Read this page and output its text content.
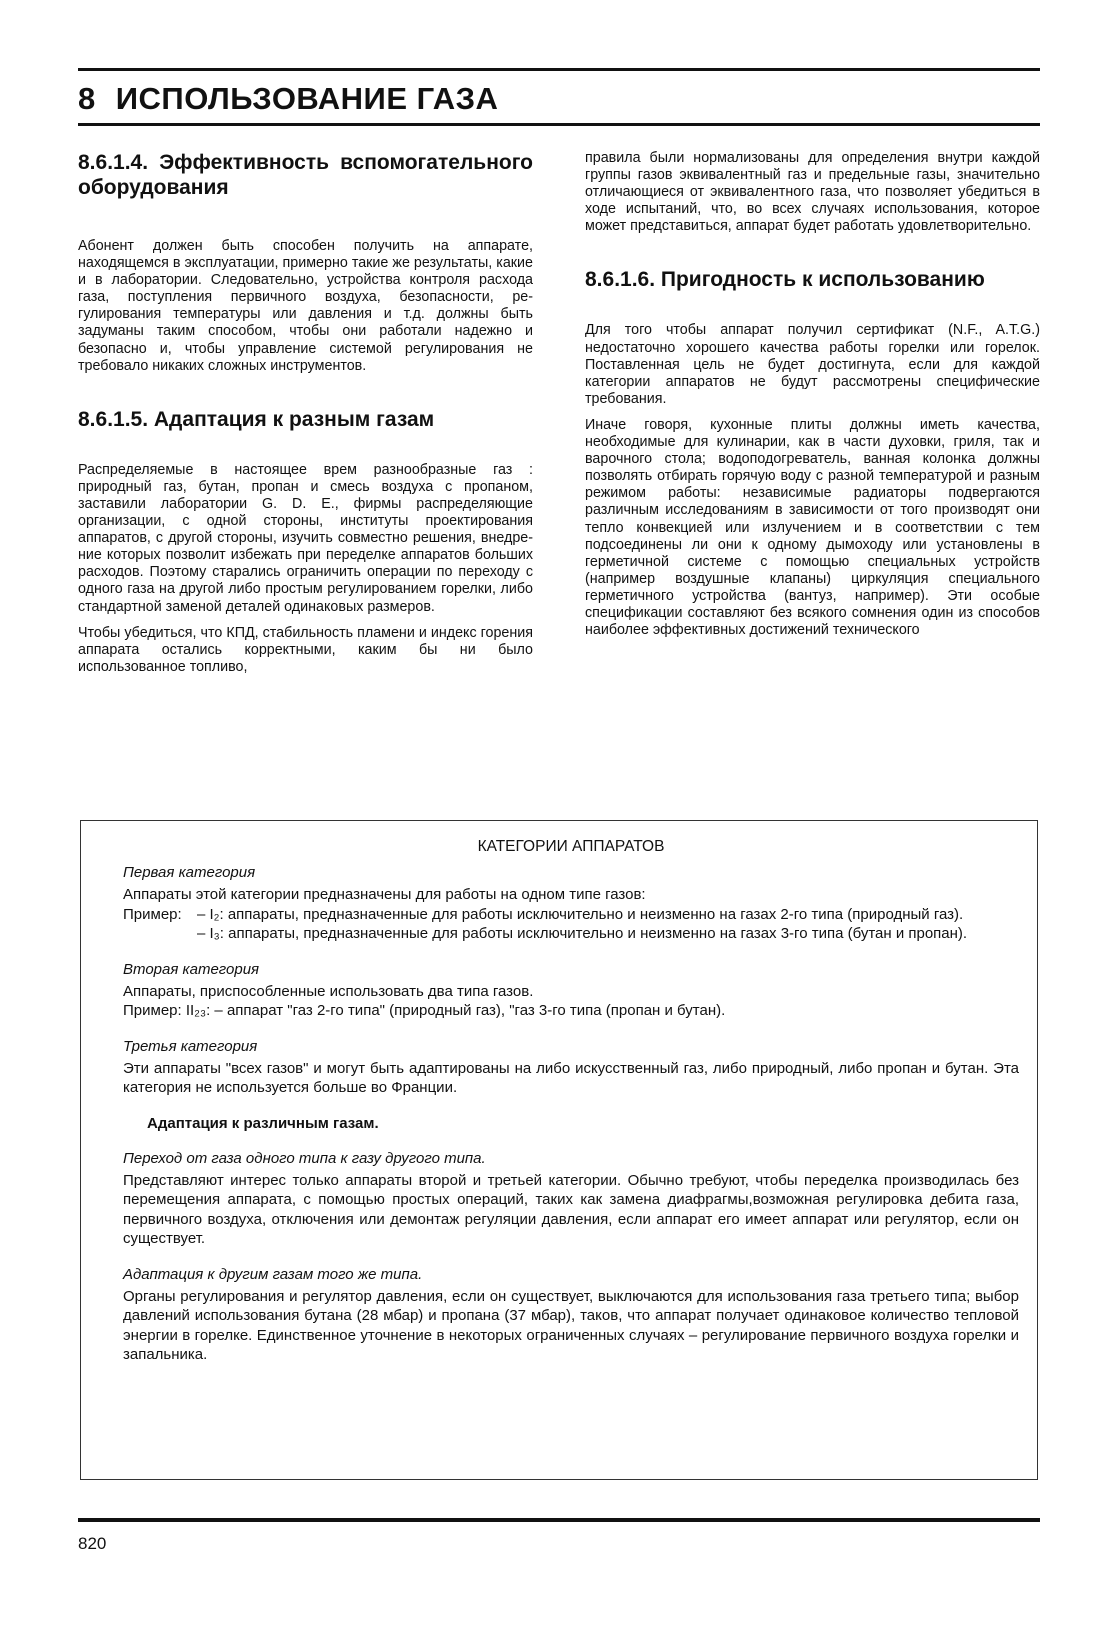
8 ИСПОЛЬЗОВАНИЕ ГАЗА
8.6.1.4. Эффективность вспомогательного оборудования

Абонент должен быть способен получить на аппарате, находящемся в эксплуатации, примерно такие же результаты, какие и в лаборатории. Следовательно, устройства контроля расхода газа, поступления первичного воздуха, безопасности, регулирования температуры или давления и т.д. должны быть задуманы таким способом, чтобы они работали надежно и безопасно и, чтобы управление системой регулирования не требовало никаких сложных инструментов.

8.6.1.5. Адаптация к разным газам

Распределяемые в настоящее врем разнообразные газ : природный газ, бутан, пропан и смесь воздуха с пропаном, заставили лаборатории G. D. E., фирмы распределяющие организации, с одной стороны, институты проектирования аппаратов, с другой стороны, изучить совместно решения, внедрение которых позволит избежать при переделке аппаратов больших расходов. Поэтому старались ограничить операции по переходу с одного газа на другой либо простым регулированием горелки, либо стандартной заменой деталей одинаковых размеров.

Чтобы убедиться, что КПД, стабильность пламени и индекс горения аппарата остались корректными, каким бы ни было использованное топливо,

правила были нормализованы для определения внутри каждой группы газов эквивалентный газ и предельные газы, значительно отличающиеся от эквивалентного газа, что позволяет убедиться в ходе испытаний, что, во всех случаях использования, которое может представиться, аппарат будет работать удовлетворительно.

8.6.1.6. Пригодность к использованию

Для того чтобы аппарат получил сертификат (N.F., A.T.G.) недостаточно хорошего качества работы горелки или горелок. Поставленная цель не будет достигнута, если для каждой категории аппаратов не будут рассмотрены специфические требования.

Иначе говоря, кухонные плиты должны иметь качества, необходимые для кулинарии, как в части духовки, гриля, так и варочного стола; водоподогреватель, ванная колонка должны позволять отбирать горячую воду с разной температурой и разным режимом работы: независимые радиаторы подвергаются различным исследованиям в зависимости от того производят они тепло конвекцией или излучением и в соответствии с тем подсоединены ли они к одному дымоходу или установлены в герметичной системе с помощью специальных устройств (например воздушные клапаны) циркуляция специального герметичного устройства (вантуз, например). Эти особые спецификации составляют без всякого сомнения один из способов наиболее эффективных достижений технического

КАТЕГОРИИ АППАРАТОВ
Первая категория

Аппараты этой категории предназначены для работы на одном типе газов:

Пример: – I₂: аппараты, предназначенные для работы исключительно и неизменно на газах 2-го типа (природный газ).

– I₃: аппараты, предназначенные для работы исключительно и неизменно на газах 3-го типа (бутан и пропан).

Вторая категория

Аппараты, приспособленные использовать два типа газов.

Пример: II₂₃: – аппарат "газ 2-го типа" (природный газ), "газ 3-го типа (пропан и бутан).

Третья категория

Эти аппараты "всех газов" и могут быть адаптированы на либо искусственный газ, либо природный, либо пропан и бутан. Эта категория не используется больше во Франции.

Адаптация к различным газам.
Переход от газа одного типа к газу другого типа.

Представляют интерес только аппараты второй и третьей категории. Обычно требуют, чтобы переделка производилась без перемещения аппарата, с помощью простых операций, таких как замена диафрагмы,возможная регулировка дебита газа, первичного воздуха, отключения или демонтаж регуляции давления, если аппарат его имеет аппарат или регулятор, если он существует.

Адаптация к другим газам того же типа.

Органы регулирования и регулятор давления, если он существует, выключаются для использования газа третьего типа; выбор давлений использования бутана (28 мбар) и пропана (37 мбар), таков, что аппарат получает одинаковое количество тепловой энергии в горелке. Единственное уточнение в некоторых ограниченных случаях – регулирование первичного воздуха горелки и запальника.

820
